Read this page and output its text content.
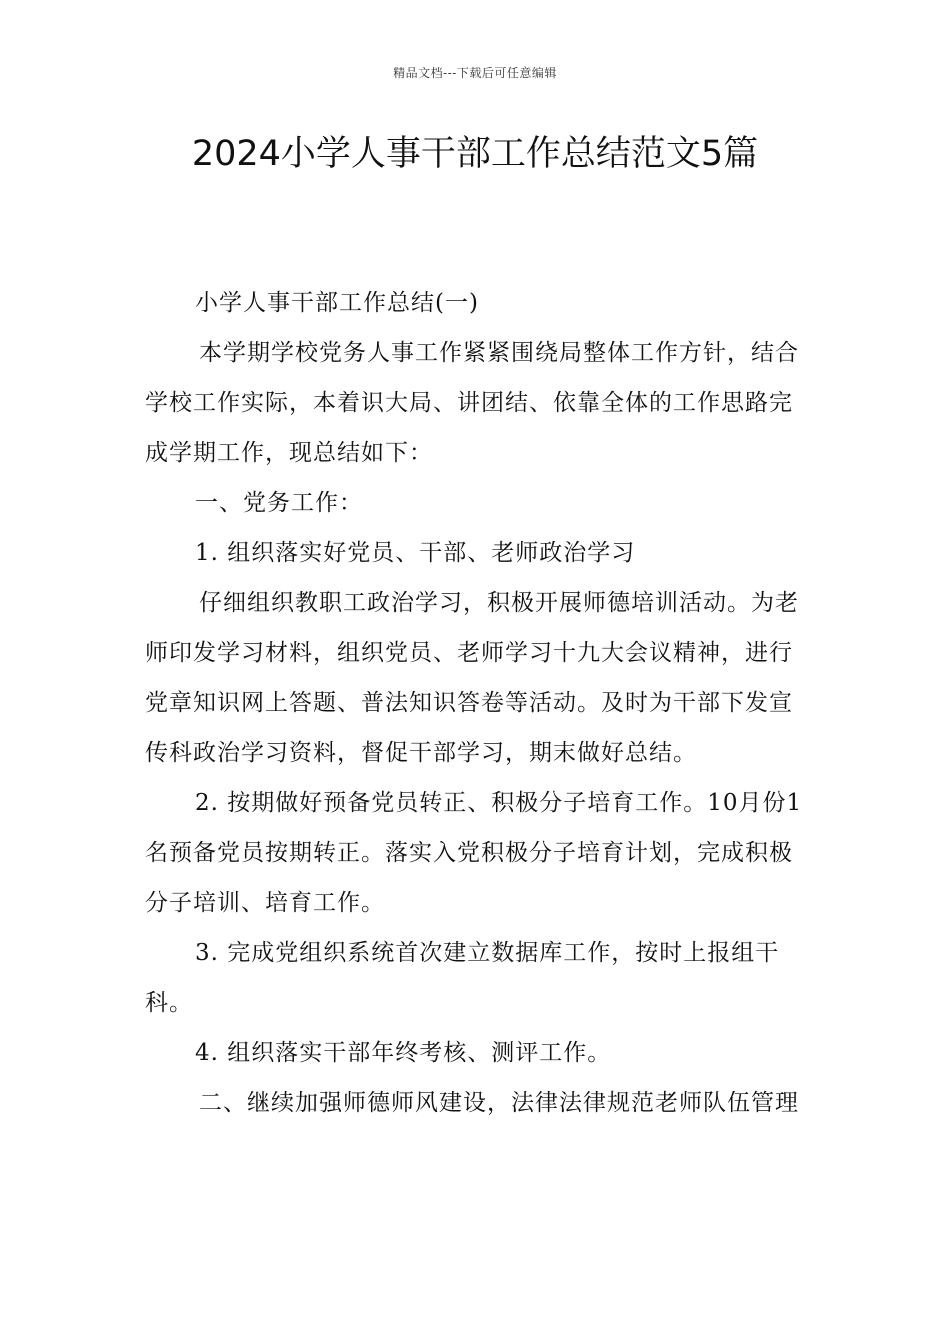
精品文档---下载后可任意编辑
2024小学人事干部工作总结范文5篇

小学人事干部工作总结(一)

本学期学校党务人事工作紧紧围绕局整体工作方针，结合学校工作实际，本着识大局、讲团结、依靠全体的工作思路完成学期工作，现总结如下：

一、党务工作：

1. 组织落实好党员、干部、老师政治学习

仔细组织教职工政治学习，积极开展师德培训活动。为老师印发学习材料，组织党员、老师学习十九大会议精神，进行党章知识网上答题、普法知识答卷等活动。及时为干部下发宣传科政治学习资料，督促干部学习，期末做好总结。

2. 按期做好预备党员转正、积极分子培育工作。10月份1名预备党员按期转正。落实入党积极分子培育计划，完成积极分子培训、培育工作。

3. 完成党组织系统首次建立数据库工作，按时上报组干科。

4. 组织落实干部年终考核、测评工作。

二、继续加强师德师风建设，法律法律规范老师队伍管理
